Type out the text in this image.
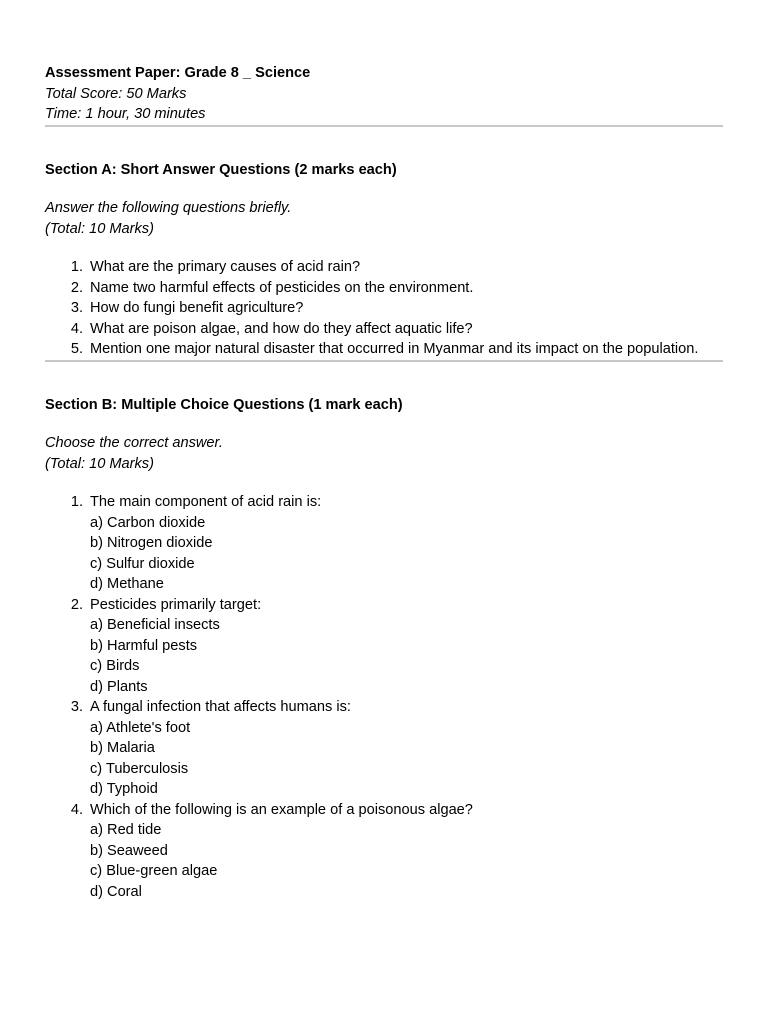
Assessment Paper: Grade 8 _ Science
Total Score: 50 Marks
Time: 1 hour, 30 minutes
Section A: Short Answer Questions (2 marks each)
Answer the following questions briefly.
(Total: 10 Marks)
1. What are the primary causes of acid rain?
2. Name two harmful effects of pesticides on the environment.
3. How do fungi benefit agriculture?
4. What are poison algae, and how do they affect aquatic life?
5. Mention one major natural disaster that occurred in Myanmar and its impact on the population.
Section B: Multiple Choice Questions (1 mark each)
Choose the correct answer.
(Total: 10 Marks)
1. The main component of acid rain is:
a) Carbon dioxide
b) Nitrogen dioxide
c) Sulfur dioxide
d) Methane
2. Pesticides primarily target:
a) Beneficial insects
b) Harmful pests
c) Birds
d) Plants
3. A fungal infection that affects humans is:
a) Athlete's foot
b) Malaria
c) Tuberculosis
d) Typhoid
4. Which of the following is an example of a poisonous algae?
a) Red tide
b) Seaweed
c) Blue-green algae
d) Coral
